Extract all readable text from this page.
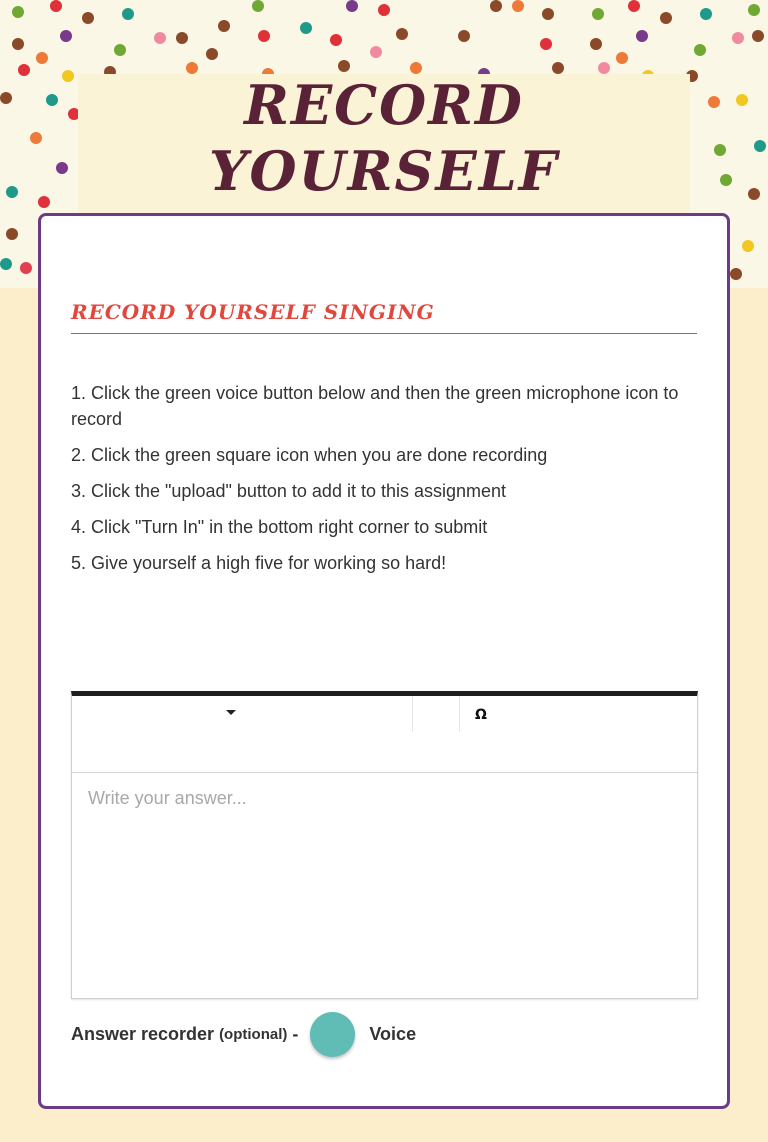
RECORD YOURSELF
RECORD YOURSELF SINGING
1. Click the green voice button below and then the green microphone icon to record
2. Click the green square icon when you are done recording
3. Click the "upload" button to add it to this assignment
4. Click "Turn In" in the bottom right corner to submit
5. Give yourself a high five for working so hard!
Ω
Write your answer...
Answer recorder (optional) -	Voice
